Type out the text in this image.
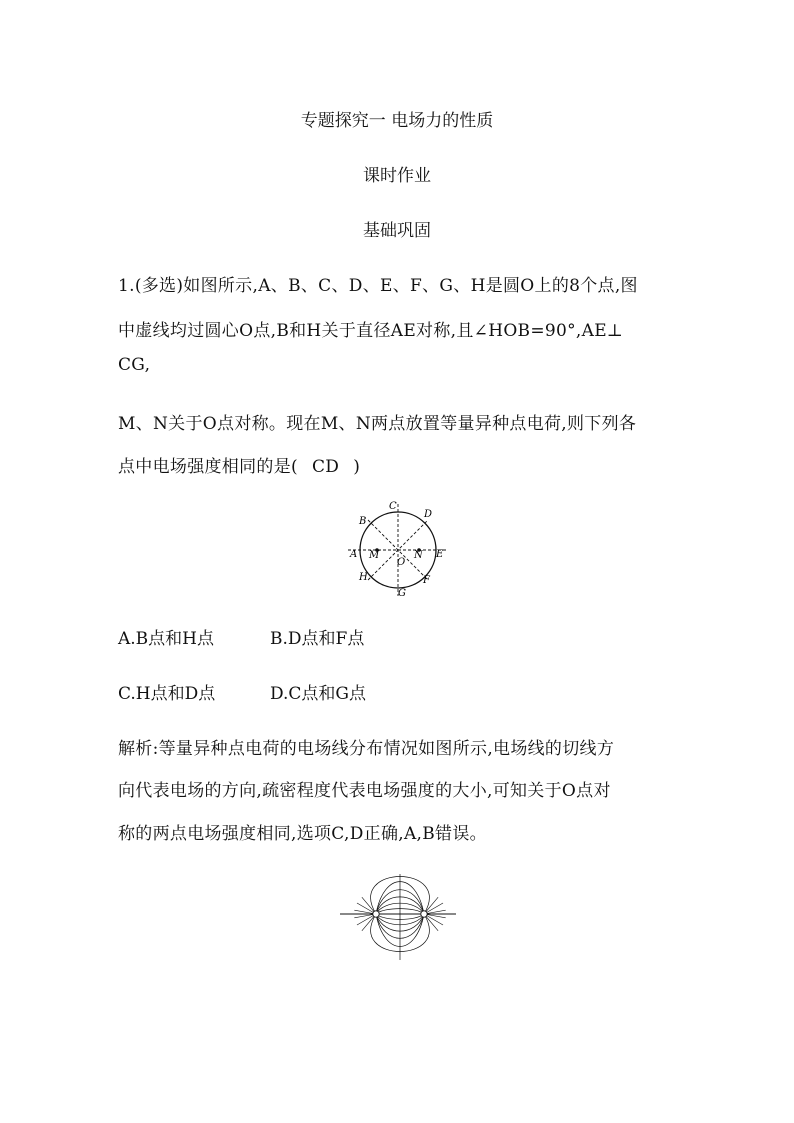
专题探究一 电场力的性质
课时作业
基础巩固
1.(多选)如图所示,A、B、C、D、E、F、G、H是圆O上的8个点,图
中虚线均过圆心O点,B和H关于直径AE对称,且∠HOB=90°,AE⊥
CG,
M、N关于O点对称。现在M、N两点放置等量异种点电荷,则下列各
点中电场强度相同的是( CD )
C
D
B
A M	N E
O
H	F
G
A.B点和H点	B.D点和F点
C.H点和D点	D.C点和G点
解析:等量异种点电荷的电场线分布情况如图所示,电场线的切线方
向代表电场的方向,疏密程度代表电场强度的大小,可知关于O点对
称的两点电场强度相同,选项C,D正确,A,B错误。
